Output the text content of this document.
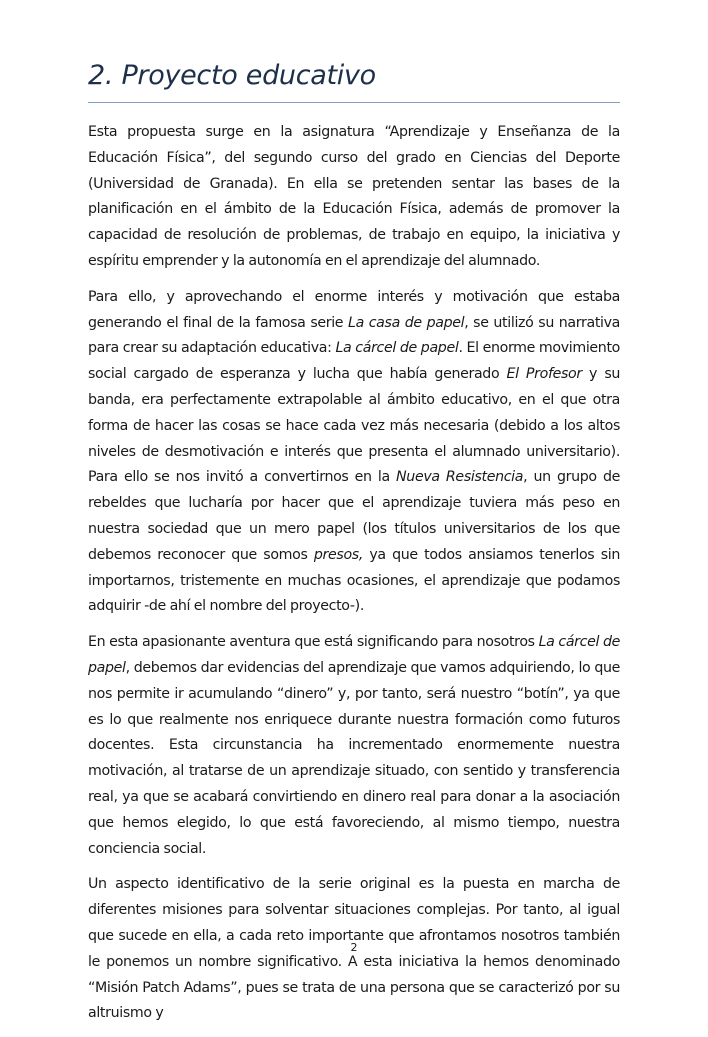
2. Proyecto educativo

Esta propuesta surge en la asignatura “Aprendizaje y Enseñanza de la Educación Física”, del segundo curso del grado en Ciencias del Deporte (Universidad de Granada). En ella se pretenden sentar las bases de la planificación en el ámbito de la Educación Física, además de promover la capacidad de resolución de problemas, de trabajo en equipo, la iniciativa y espíritu emprender y la autonomía en el aprendizaje del alumnado.

Para ello, y aprovechando el enorme interés y motivación que estaba generando el final de la famosa serie La casa de papel, se utilizó su narrativa para crear su adaptación educativa: La cárcel de papel. El enorme movimiento social cargado de esperanza y lucha que había generado El Profesor y su banda, era perfectamente extrapolable al ámbito educativo, en el que otra forma de hacer las cosas se hace cada vez más necesaria (debido a los altos niveles de desmotivación e interés que presenta el alumnado universitario). Para ello se nos invitó a convertirnos en la Nueva Resistencia, un grupo de rebeldes que lucharía por hacer que el aprendizaje tuviera más peso en nuestra sociedad que un mero papel (los títulos universitarios de los que debemos reconocer que somos presos, ya que todos ansiamos tenerlos sin importarnos, tristemente en muchas ocasiones, el aprendizaje que podamos adquirir -de ahí el nombre del proyecto-).

En esta apasionante aventura que está significando para nosotros La cárcel de papel, debemos dar evidencias del aprendizaje que vamos adquiriendo, lo que nos permite ir acumulando “dinero” y, por tanto, será nuestro “botín”, ya que es lo que realmente nos enriquece durante nuestra formación como futuros docentes. Esta circunstancia ha incrementado enormemente nuestra motivación, al tratarse de un aprendizaje situado, con sentido y transferencia real, ya que se acabará convirtiendo en dinero real para donar a la asociación que hemos elegido, lo que está favoreciendo, al mismo tiempo, nuestra conciencia social.

Un aspecto identificativo de la serie original es la puesta en marcha de diferentes misiones para solventar situaciones complejas. Por tanto, al igual que sucede en ella, a cada reto importante que afrontamos nosotros también le ponemos un nombre significativo. A esta iniciativa la hemos denominado “Misión Patch Adams”, pues se trata de una persona que se caracterizó por su altruismo y

2
